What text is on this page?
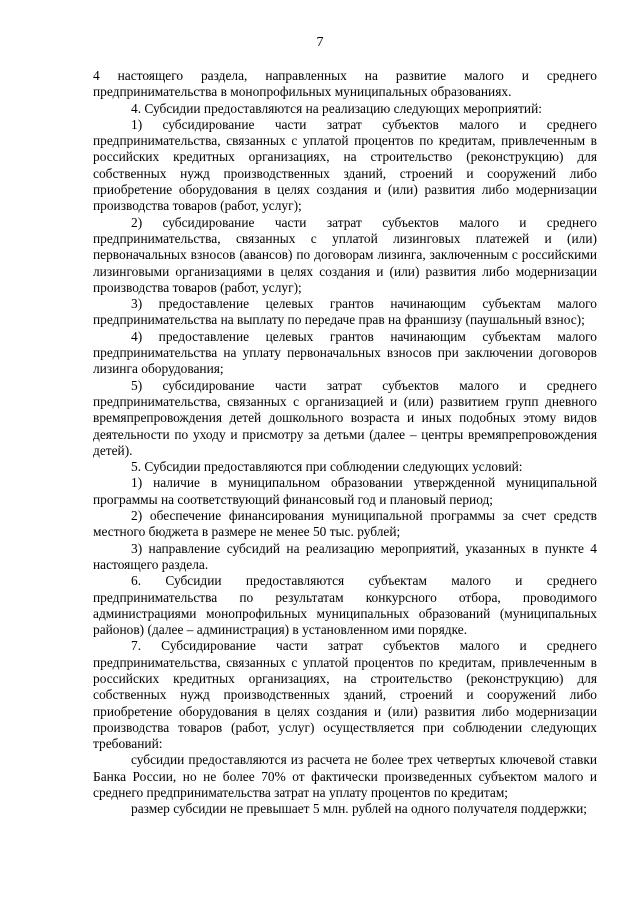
7

4 настоящего раздела, направленных на развитие малого и среднего предпринимательства в монопрофильных муниципальных образованиях.

4. Субсидии предоставляются на реализацию следующих мероприятий:

1) субсидирование части затрат субъектов малого и среднего предпринимательства, связанных с уплатой процентов по кредитам, привлеченным в российских кредитных организациях, на строительство (реконструкцию) для собственных нужд производственных зданий, строений и сооружений либо приобретение оборудования в целях создания и (или) развития либо модернизации производства товаров (работ, услуг);

2) субсидирование части затрат субъектов малого и среднего предпринимательства, связанных с уплатой лизинговых платежей и (или) первоначальных взносов (авансов) по договорам лизинга, заключенным с российскими лизинговыми организациями в целях создания и (или) развития либо модернизации производства товаров (работ, услуг);

3) предоставление целевых грантов начинающим субъектам малого предпринимательства на выплату по передаче прав на франшизу (паушальный взнос);

4) предоставление целевых грантов начинающим субъектам малого предпринимательства на уплату первоначальных взносов при заключении договоров лизинга оборудования;

5) субсидирование части затрат субъектов малого и среднего предпринимательства, связанных с организацией и (или) развитием групп дневного времяпрепровождения детей дошкольного возраста и иных подобных этому видов деятельности по уходу и присмотру за детьми (далее – центры времяпрепровождения детей).

5. Субсидии предоставляются при соблюдении следующих условий:

1) наличие в муниципальном образовании утвержденной муниципальной программы на соответствующий финансовый год и плановый период;

2) обеспечение финансирования муниципальной программы за счет средств местного бюджета в размере не менее 50 тыс. рублей;

3) направление субсидий на реализацию мероприятий, указанных в пункте 4 настоящего раздела.

6. Субсидии предоставляются субъектам малого и среднего предпринимательства по результатам конкурсного отбора, проводимого администрациями монопрофильных муниципальных образований (муниципальных районов) (далее – администрация) в установленном ими порядке.

7. Субсидирование части затрат субъектов малого и среднего предпринимательства, связанных с уплатой процентов по кредитам, привлеченным в российских кредитных организациях, на строительство (реконструкцию) для собственных нужд производственных зданий, строений и сооружений либо приобретение оборудования в целях создания и (или) развития либо модернизации производства товаров (работ, услуг) осуществляется при соблюдении следующих требований:

субсидии предоставляются из расчета не более трех четвертых ключевой ставки Банка России, но не более 70% от фактически произведенных субъектом малого и среднего предпринимательства затрат на уплату процентов по кредитам;

размер субсидии не превышает 5 млн. рублей на одного получателя поддержки;
